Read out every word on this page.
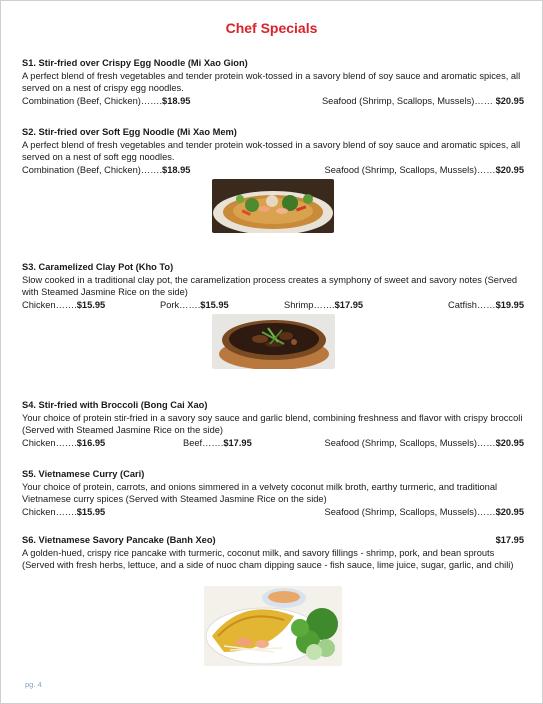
Chef Specials
S1. Stir-fried over Crispy Egg Noodle (Mi Xao Gion)

A perfect blend of fresh vegetables and tender protein wok-tossed in a savory blend of soy sauce and aromatic spices, all served on a nest of crispy egg noodles.

Combination (Beef, Chicken)…….$18.95	Seafood (Shrimp, Scallops, Mussels)…… $20.95
S2. Stir-fried over Soft Egg Noodle (Mi Xao Mem)

A perfect blend of fresh vegetables and tender protein wok-tossed in a savory blend of soy sauce and aromatic spices, all served on a nest of soft egg noodles.

Combination (Beef, Chicken)…….$18.95	Seafood (Shrimp, Scallops, Mussels)……$20.95
S3. Caramelized Clay Pot (Kho To)

Slow cooked in a traditional clay pot, the caramelization process creates a symphony of sweet and savory notes (Served with Steamed Jasmine Rice on the side)

Chicken…….$15.95	Pork…….$15.95	Shrimp…….$17.95	Catfish……$19.95
S4. Stir-fried with Broccoli (Bong Cai Xao)

Your choice of protein stir-fried in a savory soy sauce and garlic blend, combining freshness and flavor with crispy broccoli (Served with Steamed Jasmine Rice on the side)

Chicken…….$16.95	Beef…….$17.95	Seafood (Shrimp, Scallops, Mussels)……$20.95
S5. Vietnamese Curry (Cari)

Your choice of protein, carrots, and onions simmered in a velvety coconut milk broth, earthy turmeric, and traditional Vietnamese curry spices (Served with Steamed Jasmine Rice on the side)

Chicken…….$15.95	Seafood (Shrimp, Scallops, Mussels)……$20.95
S6. Vietnamese Savory Pancake (Banh Xeo)	$17.95

A golden-hued, crispy rice pancake with turmeric, coconut milk, and savory fillings - shrimp, pork, and bean sprouts (Served with fresh herbs, lettuce, and a side of nuoc cham dipping sauce - fish sauce, lime juice, sugar, garlic, and chili)

pg. 4
